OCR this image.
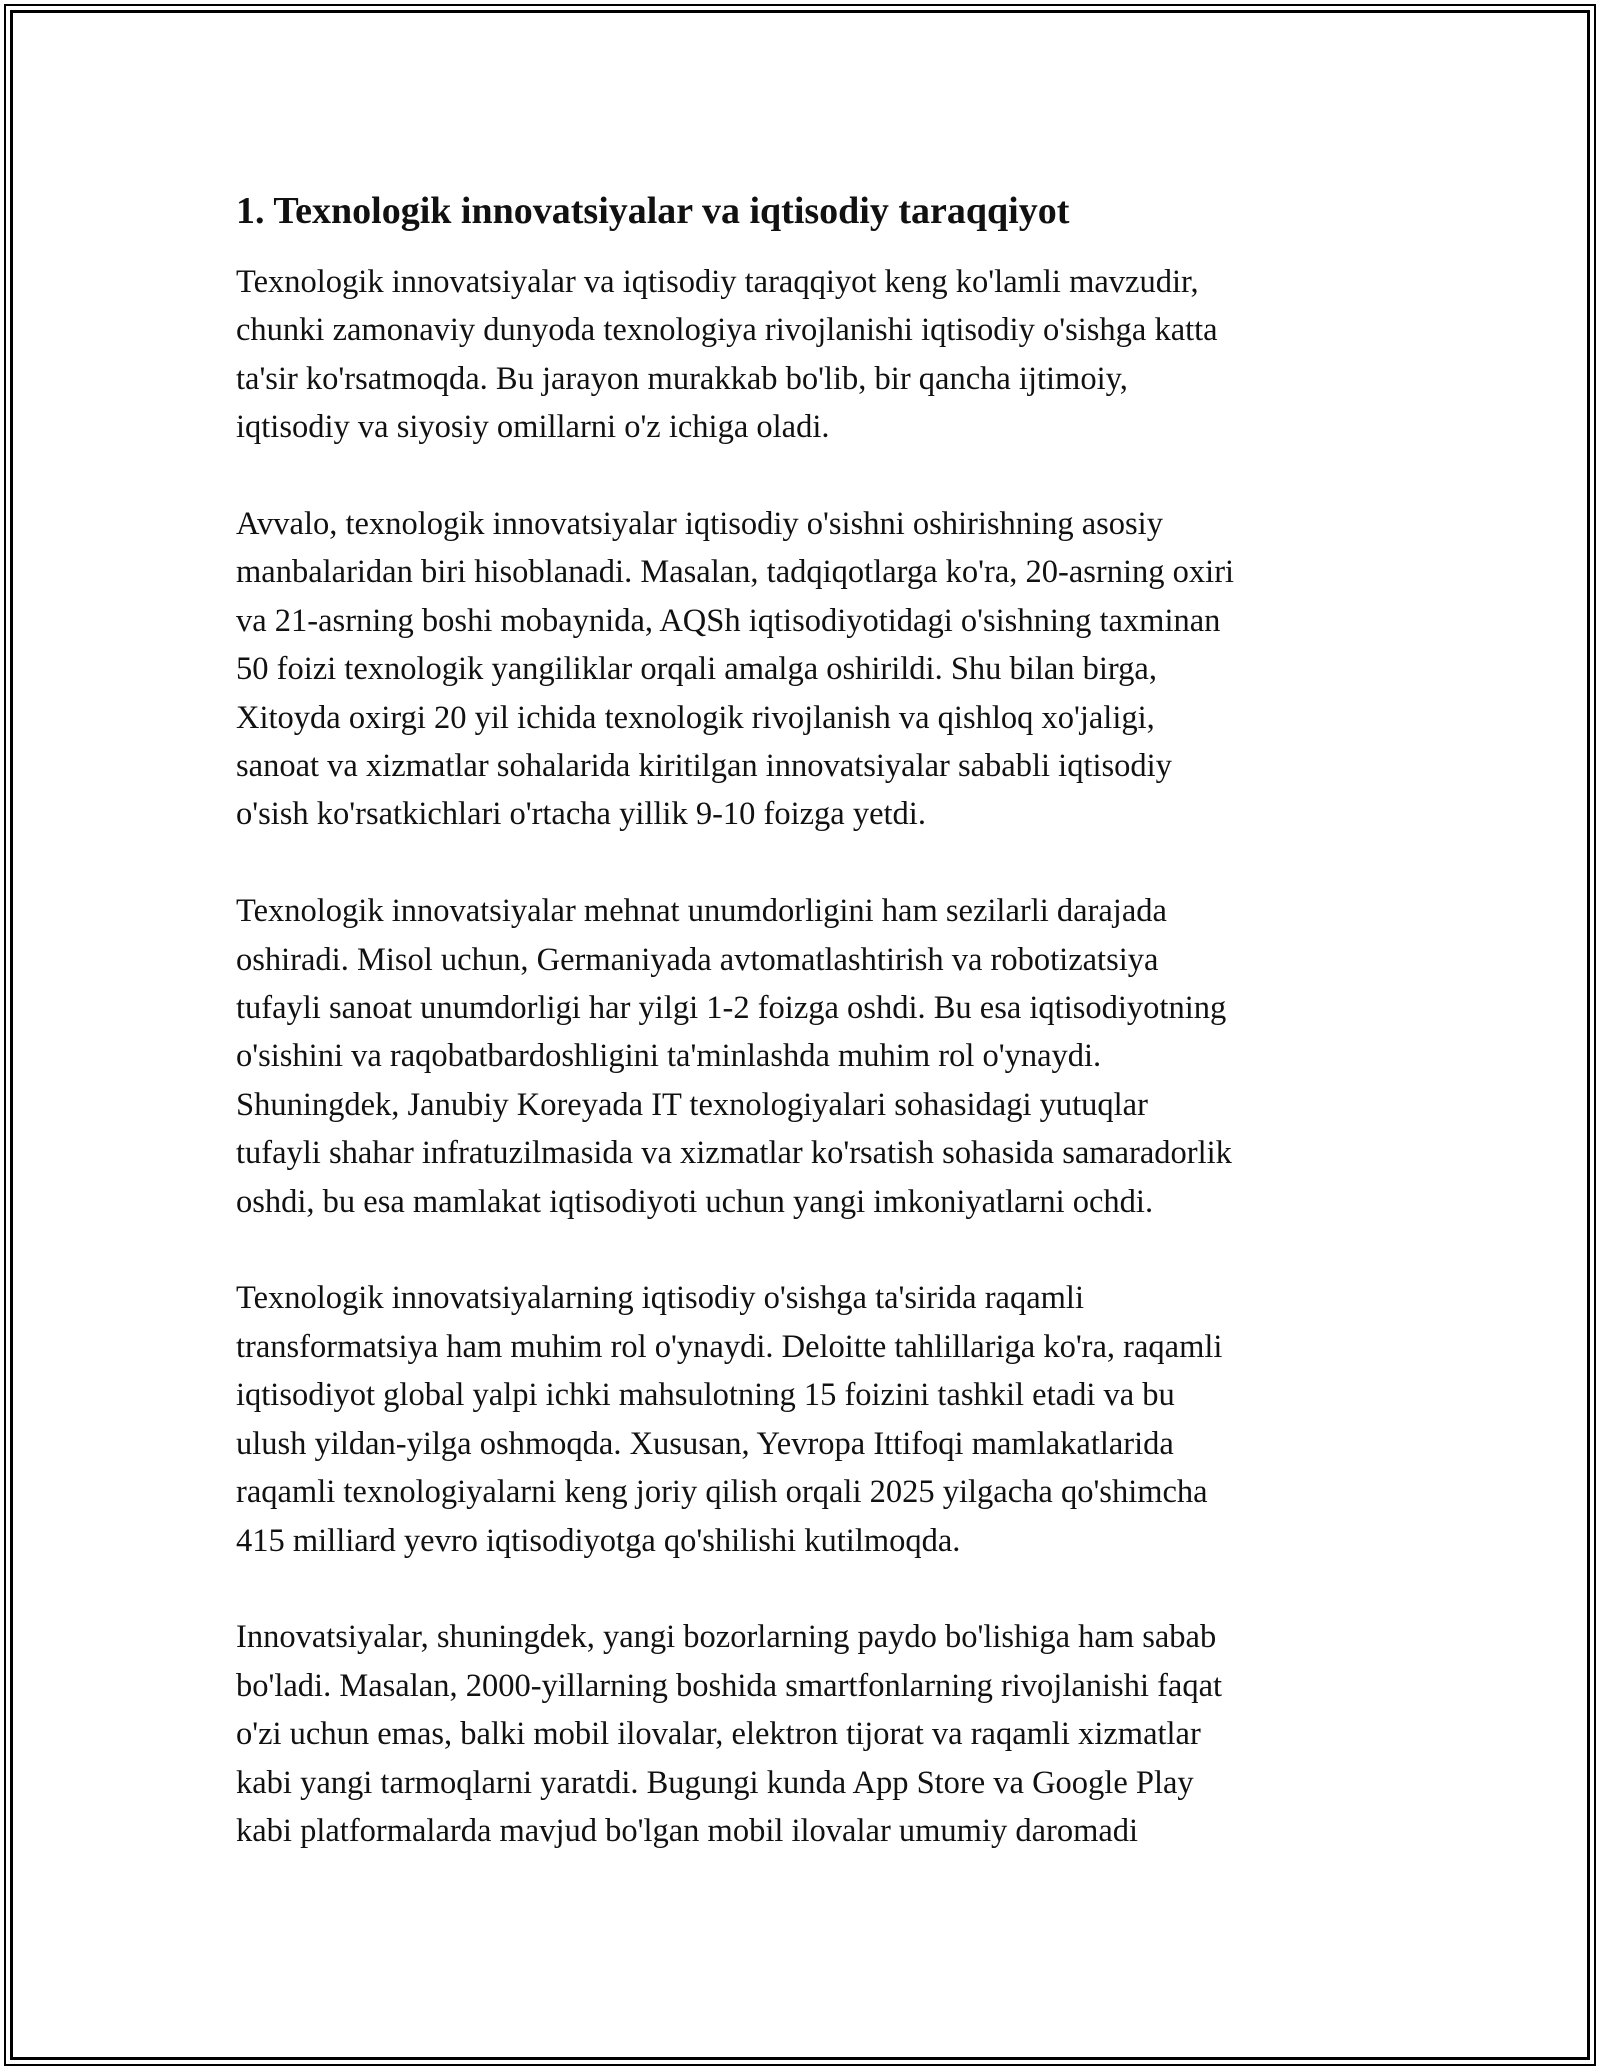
1. Texnologik innovatsiyalar va iqtisodiy taraqqiyot

Texnologik innovatsiyalar va iqtisodiy taraqqiyot keng ko'lamli mavzudir,
chunki zamonaviy dunyoda texnologiya rivojlanishi iqtisodiy o'sishga katta
ta'sir ko'rsatmoqda. Bu jarayon murakkab bo'lib, bir qancha ijtimoiy,
iqtisodiy va siyosiy omillarni o'z ichiga oladi.

Avvalo, texnologik innovatsiyalar iqtisodiy o'sishni oshirishning asosiy
manbalaridan biri hisoblanadi. Masalan, tadqiqotlarga ko'ra, 20-asrning oxiri
va 21-asrning boshi mobaynida, AQSh iqtisodiyotidagi o'sishning taxminan
50 foizi texnologik yangiliklar orqali amalga oshirildi. Shu bilan birga,
Xitoyda oxirgi 20 yil ichida texnologik rivojlanish va qishloq xo'jaligi,
sanoat va xizmatlar sohalarida kiritilgan innovatsiyalar sababli iqtisodiy
o'sish ko'rsatkichlari o'rtacha yillik 9-10 foizga yetdi.

Texnologik innovatsiyalar mehnat unumdorligini ham sezilarli darajada
oshiradi. Misol uchun, Germaniyada avtomatlashtirish va robotizatsiya
tufayli sanoat unumdorligi har yilgi 1-2 foizga oshdi. Bu esa iqtisodiyotning
o'sishini va raqobatbardoshligini ta'minlashda muhim rol o'ynaydi.
Shuningdek, Janubiy Koreyada IT texnologiyalari sohasidagi yutuqlar
tufayli shahar infratuzilmasida va xizmatlar ko'rsatish sohasida samaradorlik
oshdi, bu esa mamlakat iqtisodiyoti uchun yangi imkoniyatlarni ochdi.

Texnologik innovatsiyalarning iqtisodiy o'sishga ta'sirida raqamli
transformatsiya ham muhim rol o'ynaydi. Deloitte tahlillariga ko'ra, raqamli
iqtisodiyot global yalpi ichki mahsulotning 15 foizini tashkil etadi va bu
ulush yildan-yilga oshmoqda. Xususan, Yevropa Ittifoqi mamlakatlarida
raqamli texnologiyalarni keng joriy qilish orqali 2025 yilgacha qo'shimcha
415 milliard yevro iqtisodiyotga qo'shilishi kutilmoqda.

Innovatsiyalar, shuningdek, yangi bozorlarning paydo bo'lishiga ham sabab
bo'ladi. Masalan, 2000-yillarning boshida smartfonlarning rivojlanishi faqat
o'zi uchun emas, balki mobil ilovalar, elektron tijorat va raqamli xizmatlar
kabi yangi tarmoqlarni yaratdi. Bugungi kunda App Store va Google Play
kabi platformalarda mavjud bo'lgan mobil ilovalar umumiy daromadi
